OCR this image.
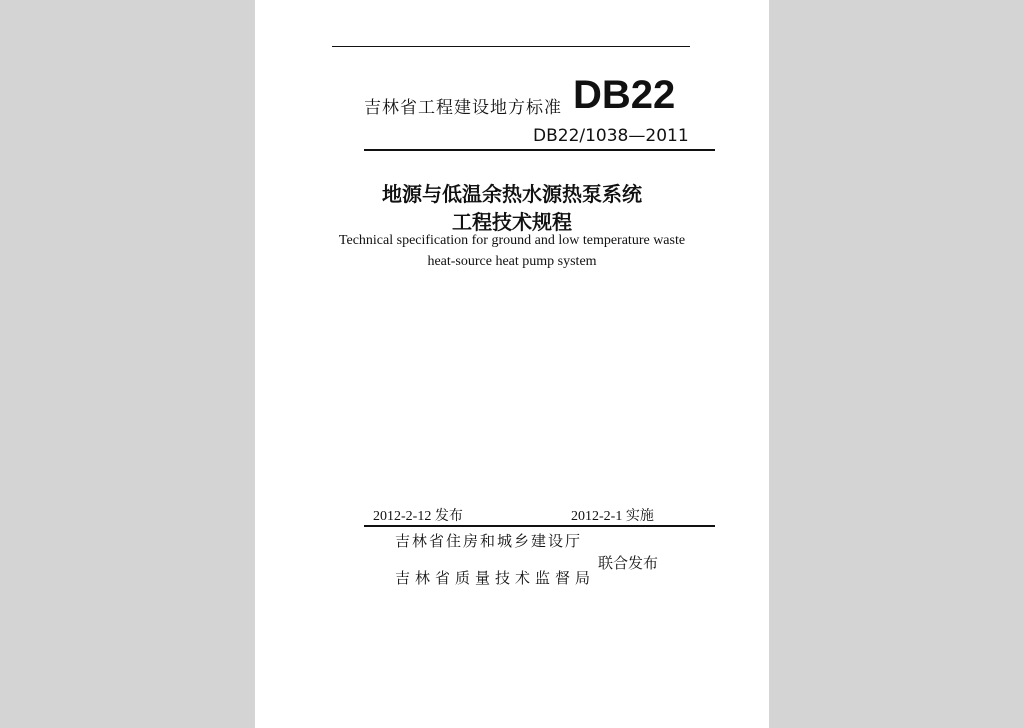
吉林省工程建设地方标准 DB22
DB22/1038—2011
地源与低温余热水源热泵系统
工程技术规程
Technical specification for ground and low temperature waste
heat-source heat pump system
2012-2-12 发布	2012-2-1 实施
吉林省住房和城乡建设厅
联合发布
吉林省质量技术监督局
